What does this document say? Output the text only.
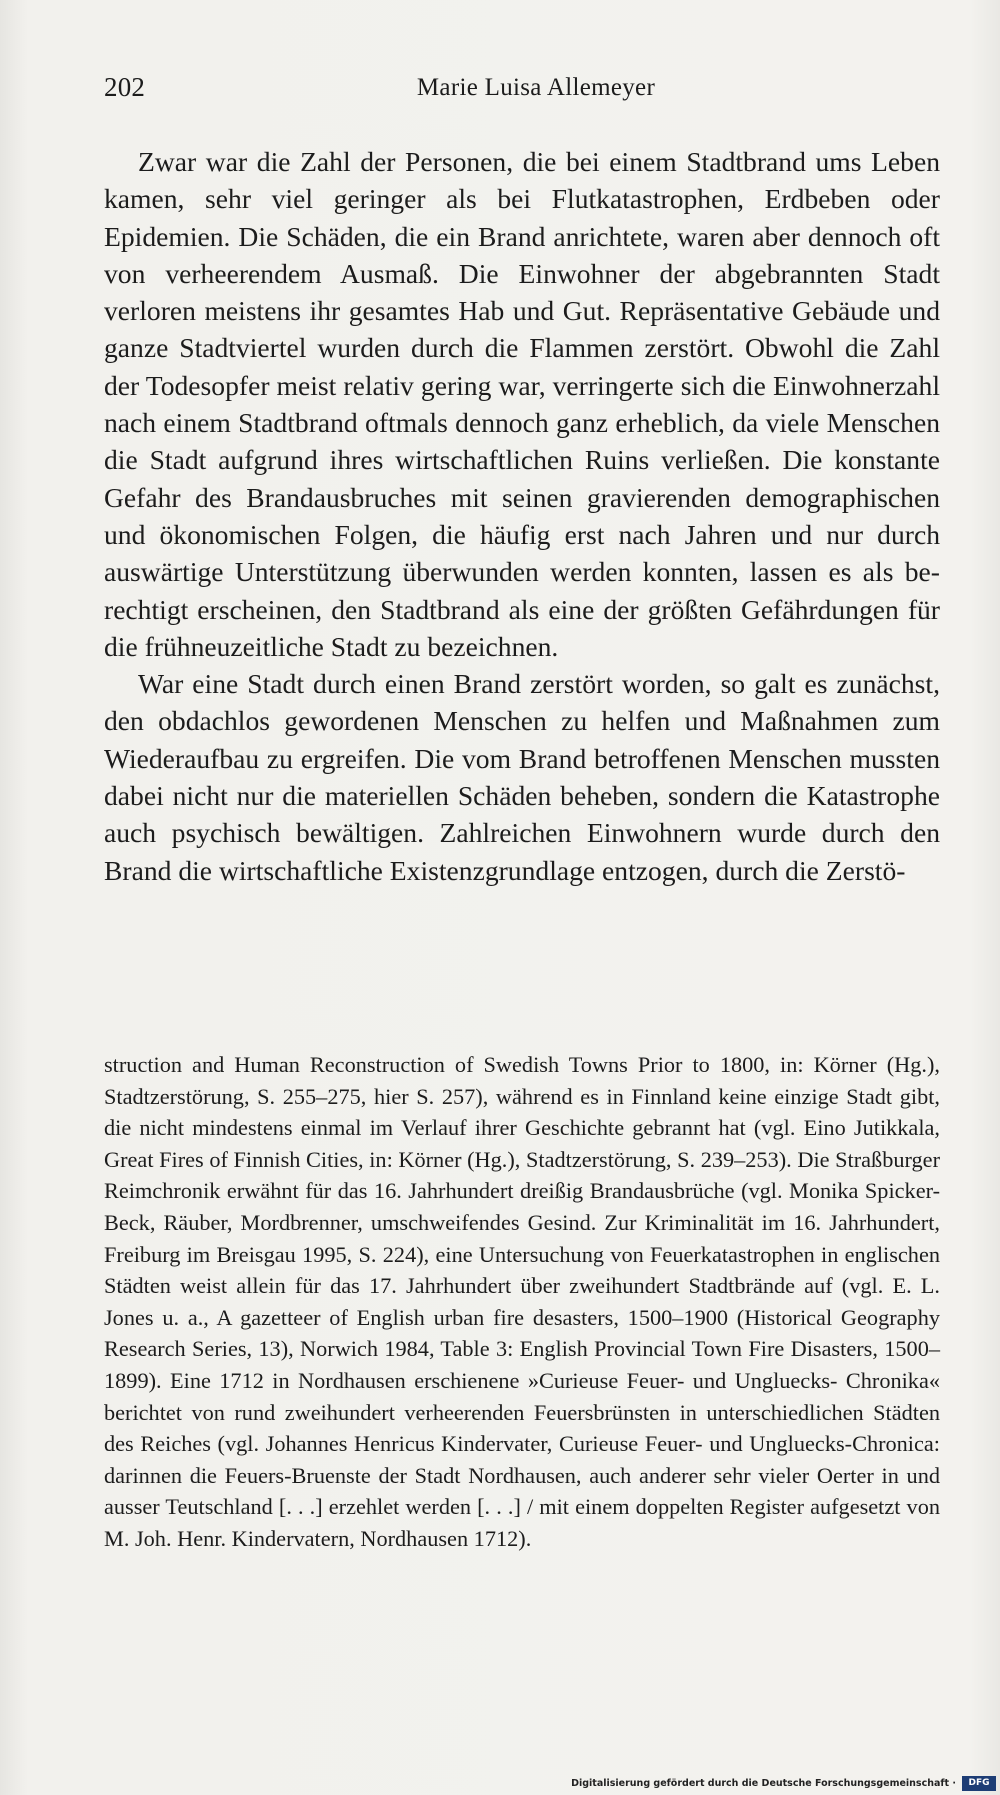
202	Marie Luisa Allemeyer

Zwar war die Zahl der Personen, die bei einem Stadtbrand ums Leben kamen, sehr viel geringer als bei Flutkatastrophen, Erdbeben oder Epidemien. Die Schäden, die ein Brand anrichtete, waren aber dennoch oft von verheerendem Ausmaß. Die Einwohner der abgebrannten Stadt verloren meistens ihr gesamtes Hab und Gut. Repräsentative Gebäude und ganze Stadtviertel wurden durch die Flammen zerstört. Obwohl die Zahl der Todesopfer meist relativ gering war, verringerte sich die Einwohnerzahl nach einem Stadtbrand oftmals dennoch ganz erheblich, da viele Menschen die Stadt aufgrund ihres wirtschaftlichen Ruins verließen. Die konstante Gefahr des Brandausbruches mit seinen gravierenden demographischen und ökonomischen Folgen, die häufig erst nach Jahren und nur durch auswärtige Unterstützung überwunden werden konnten, lassen es als berechtigt erscheinen, den Stadtbrand als eine der größten Gefährdungen für die frühneuzeitliche Stadt zu bezeichnen.

War eine Stadt durch einen Brand zerstört worden, so galt es zunächst, den obdachlos gewordenen Menschen zu helfen und Maßnahmen zum Wiederaufbau zu ergreifen. Die vom Brand betroffenen Menschen mussten dabei nicht nur die materiellen Schäden beheben, sondern die Katastrophe auch psychisch bewältigen. Zahlreichen Einwohnern wurde durch den Brand die wirtschaftliche Existenzgrundlage entzogen, durch die Zerstö-

struction and Human Reconstruction of Swedish Towns Prior to 1800, in: Körner (Hg.), Stadtzerstörung, S. 255–275, hier S. 257), während es in Finnland keine einzige Stadt gibt, die nicht mindestens einmal im Verlauf ihrer Geschichte gebrannt hat (vgl. Eino Jutikkala, Great Fires of Finnish Cities, in: Körner (Hg.), Stadtzerstörung, S. 239–253). Die Straßburger Reimchronik erwähnt für das 16. Jahrhundert dreißig Brandausbrüche (vgl. Monika Spicker-Beck, Räuber, Mordbrenner, umschweifendes Gesind. Zur Kriminalität im 16. Jahrhundert, Freiburg im Breisgau 1995, S. 224), eine Untersuchung von Feuerkatastrophen in englischen Städten weist allein für das 17. Jahrhundert über zweihundert Stadtbrände auf (vgl. E. L. Jones u. a., A gazetteer of English urban fire desasters, 1500–1900 (Historical Geography Research Series, 13), Norwich 1984, Table 3: English Provincial Town Fire Disasters, 1500–1899). Eine 1712 in Nordhausen erschienene »Curieuse Feuer- und Ungluecks- Chronika« berichtet von rund zweihundert verheerenden Feuersbrünsten in unterschiedlichen Städten des Reiches (vgl. Johannes Henricus Kindervater, Curieuse Feuer- und Ungluecks-Chronica: darinnen die Feuers-Bruenste der Stadt Nordhausen, auch anderer sehr vieler Oerter in und ausser Teutschland [. . .] erzehlet werden [. . .] / mit einem doppelten Register aufgesetzt von M. Joh. Henr. Kindervatern, Nordhausen 1712).

Digitalisierung gefördert durch die Deutsche Forschungsgemeinschaft ·	DFG
